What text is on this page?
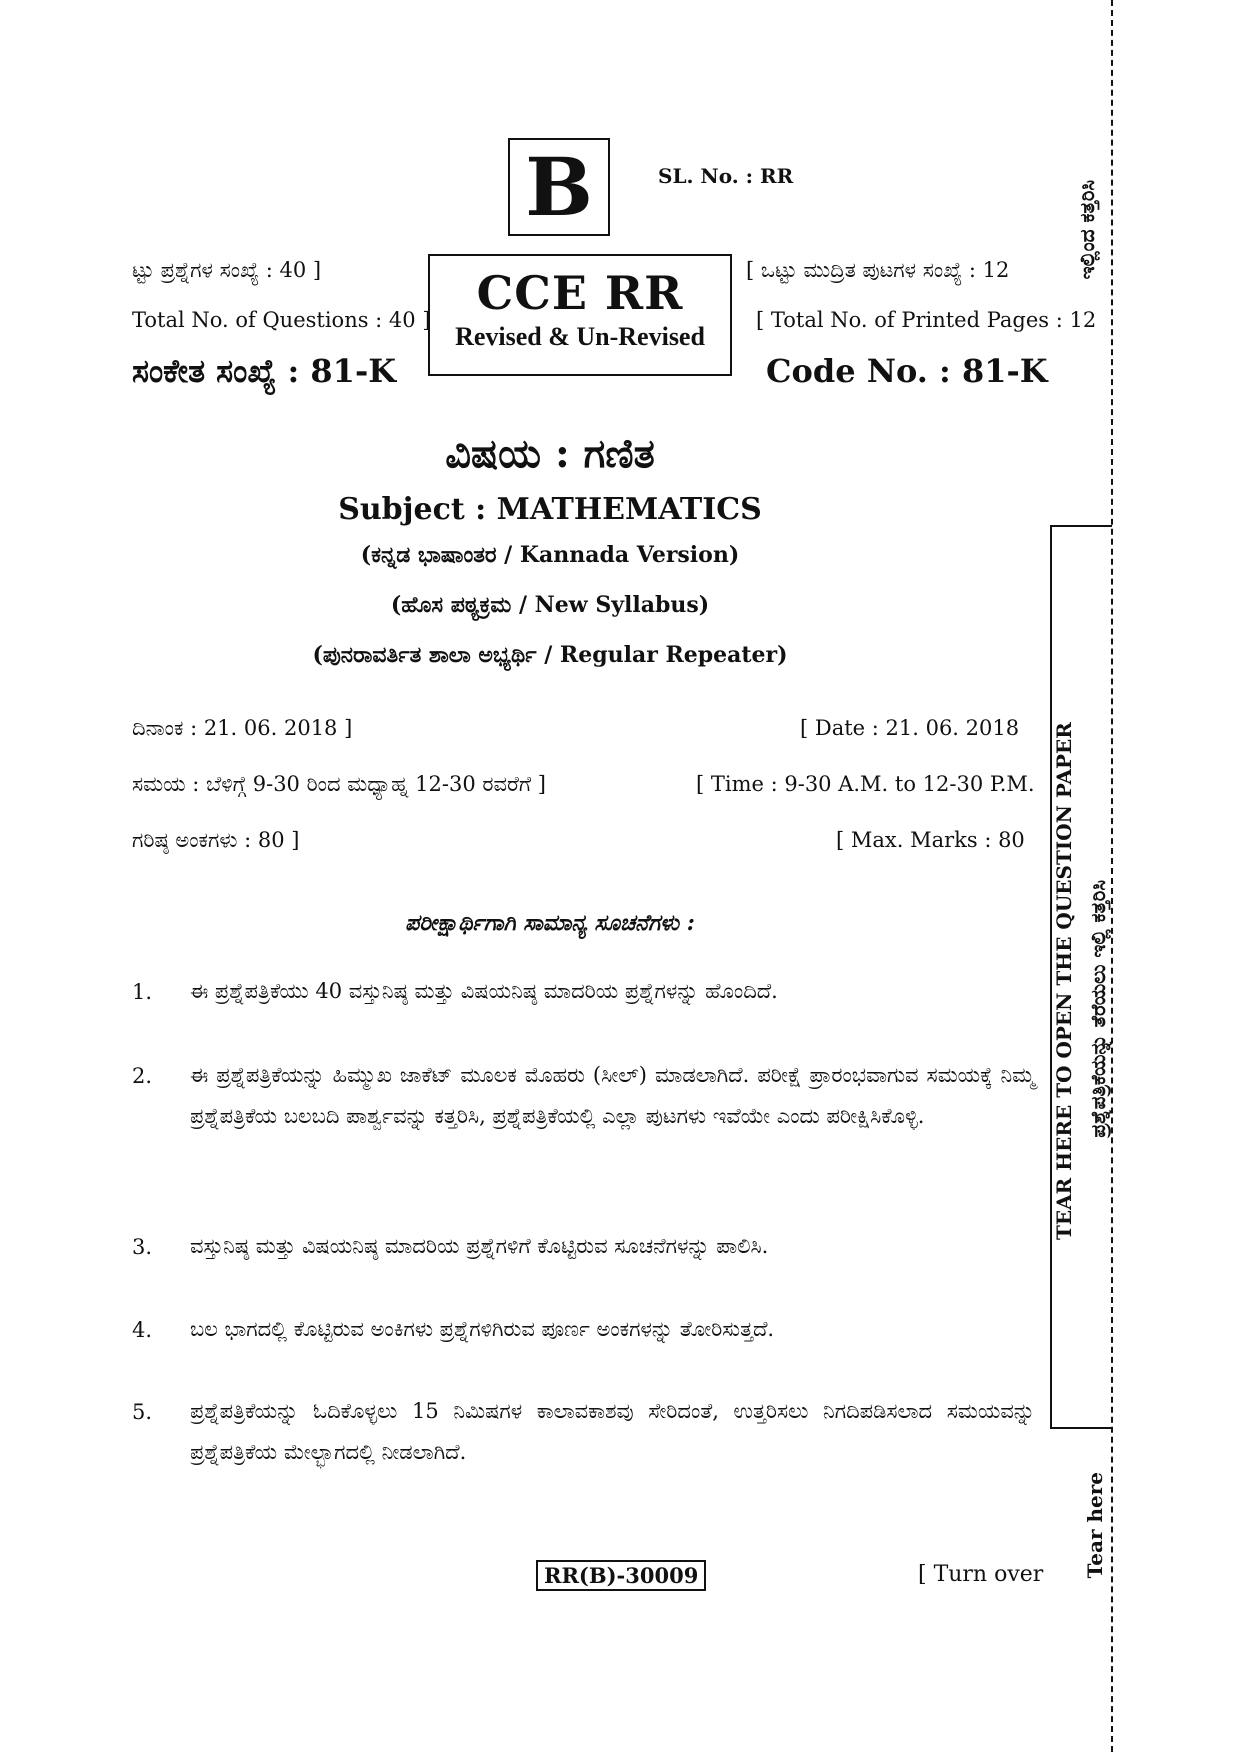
B	SL. No. : RR
ಟ್ಟು ಪ್ರಶ್ನೆಗಳ ಸಂಖ್ಯೆ : 40 ]
Total No. of Questions : 40 ]
ಸಂಕೇತ ಸಂಖ್ಯೆ : 81-K
CCE RR
Revised & Un-Revised
[ ಒಟ್ಟು ಮುದ್ರಿತ ಪುಟಗಳ ಸಂಖ್ಯೆ : 12
[ Total No. of Printed Pages : 12
Code No. : 81-K
ವಿಷಯ : ಗಣಿತ
Subject : MATHEMATICS
(ಕನ್ನಡ ಭಾಷಾಂತರ / Kannada Version)
(ಹೊಸ ಪಠ್ಯಕ್ರಮ / New Syllabus)
(ಪುನರಾವರ್ತಿತ ಶಾಲಾ ಅಭ್ಯರ್ಥಿ / Regular Repeater)
ದಿನಾಂಕ : 21. 06. 2018 ]	[ Date : 21. 06. 2018
ಸಮಯ : ಬೆಳಿಗ್ಗೆ 9-30 ರಿಂದ ಮಧ್ಯಾಹ್ನ 12-30 ರವರೆಗೆ ]	[ Time : 9-30 A.M. to 12-30 P.M.
ಗರಿಷ್ಠ ಅಂಕಗಳು : 80 ]	[ Max. Marks : 80
ಪರೀಕ್ಷಾರ್ಥಿಗಾಗಿ ಸಾಮಾನ್ಯ ಸೂಚನೆಗಳು :
1. ಈ ಪ್ರಶ್ನೆಪತ್ರಿಕೆಯು 40 ವಸ್ತುನಿಷ್ಠ ಮತ್ತು ವಿಷಯನಿಷ್ಠ ಮಾದರಿಯ ಪ್ರಶ್ನೆಗಳನ್ನು ಹೊಂದಿದೆ.
2. ಈ ಪ್ರಶ್ನೆಪತ್ರಿಕೆಯನ್ನು ಹಿಮ್ಮುಖ ಜಾಕೆಟ್ ಮೂಲಕ ಮೊಹರು (ಸೀಲ್) ಮಾಡಲಾಗಿದೆ. ಪರೀಕ್ಷೆ ಪ್ರಾರಂಭವಾಗುವ ಸಮಯಕ್ಕೆ ನಿಮ್ಮ ಪ್ರಶ್ನೆಪತ್ರಿಕೆಯ ಬಲಬದಿ ಪಾರ್ಶ್ವವನ್ನು ಕತ್ತರಿಸಿ, ಪ್ರಶ್ನೆಪತ್ರಿಕೆಯಲ್ಲಿ ಎಲ್ಲಾ ಪುಟಗಳು ಇವೆಯೇ ಎಂದು ಪರೀಕ್ಷಿಸಿಕೊಳ್ಳಿ.
3. ವಸ್ತುನಿಷ್ಠ ಮತ್ತು ವಿಷಯನಿಷ್ಠ ಮಾದರಿಯ ಪ್ರಶ್ನೆಗಳಿಗೆ ಕೊಟ್ಟಿರುವ ಸೂಚನೆಗಳನ್ನು ಪಾಲಿಸಿ.
4. ಬಲ ಭಾಗದಲ್ಲಿ ಕೊಟ್ಟಿರುವ ಅಂಕಿಗಳು ಪ್ರಶ್ನೆಗಳಿಗಿರುವ ಪೂರ್ಣ ಅಂಕಗಳನ್ನು ತೋರಿಸುತ್ತದೆ.
5. ಪ್ರಶ್ನೆಪತ್ರಿಕೆಯನ್ನು ಓದಿಕೊಳ್ಳಲು 15 ನಿಮಿಷಗಳ ಕಾಲಾವಕಾಶವು ಸೇರಿದಂತೆ, ಉತ್ತರಿಸಲು ನಿಗದಿಪಡಿಸಲಾದ ಸಮಯವನ್ನು ಪ್ರಶ್ನೆಪತ್ರಿಕೆಯ ಮೇಲ್ಭಾಗದಲ್ಲಿ ನೀಡಲಾಗಿದೆ.
RR(B)-30009	[ Turn over
TEAR HERE TO OPEN THE QUESTION PAPER ಪ್ರಶ್ನೆಪತ್ರಿಕೆಯನ್ನು ತೆರೆಯಲು ಇಲ್ಲಿ ಕತ್ತರಿಸಿ
ಇಲ್ಲಿಂದ ಕತ್ತರಿಸಿ
Tear here
